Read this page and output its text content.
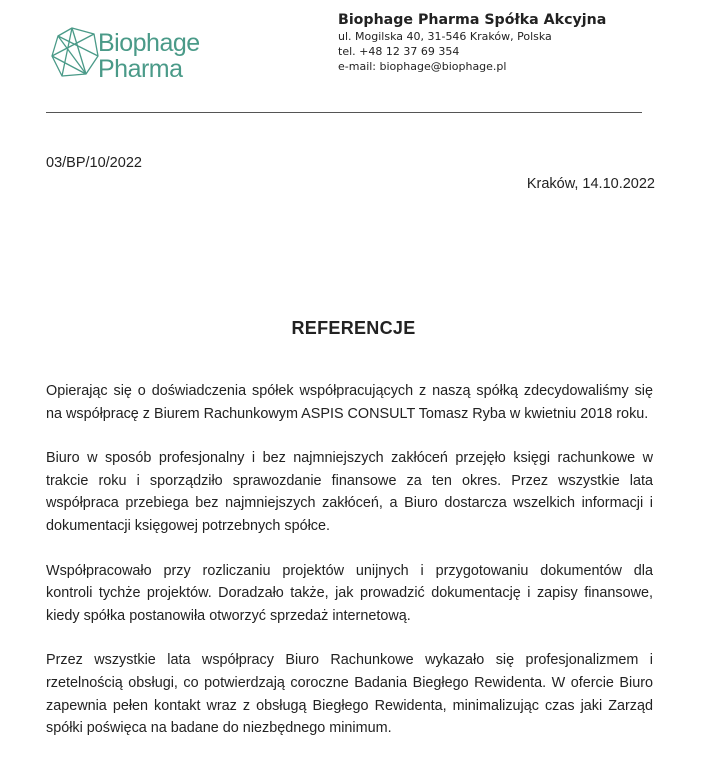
Biophage
Pharma
Biophage Pharma Spółka Akcyjna
ul. Mogilska 40, 31-546 Kraków, Polska
tel. +48 12 37 69 354
e-mail: biophage@biophage.pl
03/BP/10/2022
Kraków, 14.10.2022
REFERENCJE

Opierając się o doświadczenia spółek współpracujących z naszą spółką zdecydowaliśmy się
na współpracę z Biurem Rachunkowym ASPIS CONSULT Tomasz Ryba w kwietniu 2018 roku.

Biuro w sposób profesjonalny i bez najmniejszych zakłóceń przejęło księgi rachunkowe w
trakcie roku i sporządziło sprawozdanie finansowe za ten okres. Przez wszystkie lata
współpraca przebiega bez najmniejszych zakłóceń, a Biuro dostarcza wszelkich informacji i
dokumentacji księgowej potrzebnych spółce.

Współpracowało przy rozliczaniu projektów unijnych i przygotowaniu dokumentów dla
kontroli tychże projektów. Doradzało także, jak prowadzić dokumentację i zapisy finansowe,
kiedy spółka postanowiła otworzyć sprzedaż internetową.

Przez wszystkie lata współpracy Biuro Rachunkowe wykazało się profesjonalizmem i
rzetelnością obsługi, co potwierdzają coroczne Badania Biegłego Rewidenta. W ofercie Biuro
zapewnia pełen kontakt wraz z obsługą Biegłego Rewidenta, minimalizując czas jaki Zarząd
spółki poświęca na badane do niezbędnego minimum.
